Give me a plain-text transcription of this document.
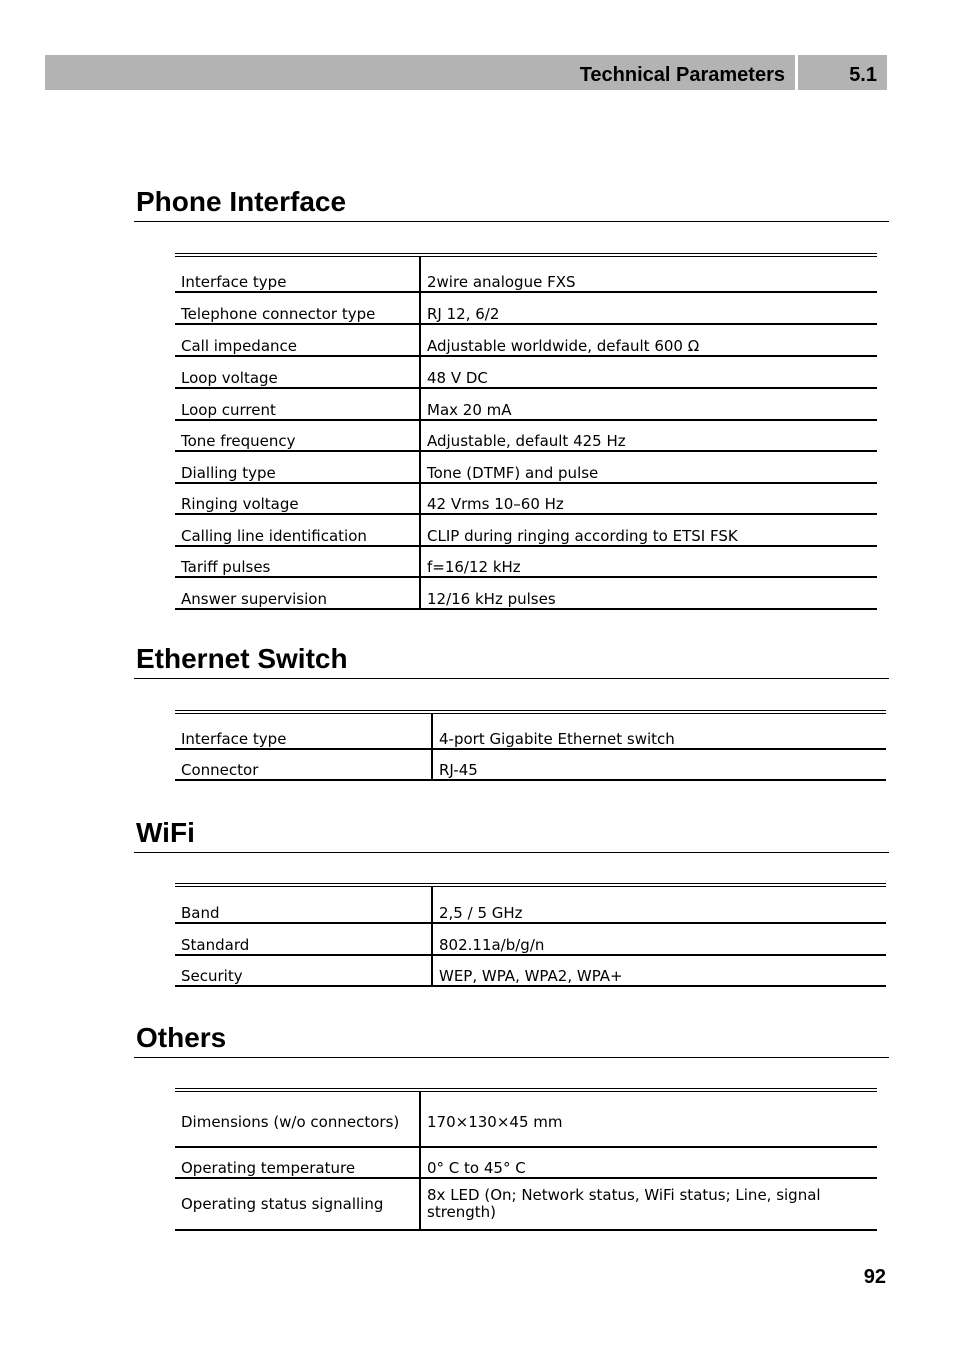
Technical Parameters	5.1
Phone Interface
Interface type	2wire analogue FXS
Telephone connector type	RJ 12, 6/2
Call impedance	Adjustable worldwide, default 600 Ω
Loop voltage	48 V DC
Loop current	Max 20 mA
Tone frequency	Adjustable, default 425 Hz
Dialling type	Tone (DTMF) and pulse
Ringing voltage	42 Vrms 10–60 Hz
Calling line identification	CLIP during ringing according to ETSI FSK
Tariff pulses	f=16/12 kHz
Answer supervision	12/16 kHz pulses
Ethernet Switch
Interface type	4-port Gigabite Ethernet switch
Connector	RJ-45
WiFi
Band	2,5 / 5 GHz
Standard	802.11a/b/g/n
Security	WEP, WPA, WPA2, WPA+
Others
Dimensions (w/o connectors)	170×130×45 mm
Operating temperature	0° C to 45° C
Operating status signalling	8x LED (On; Network status, WiFi status; Line, signal strength)
92
